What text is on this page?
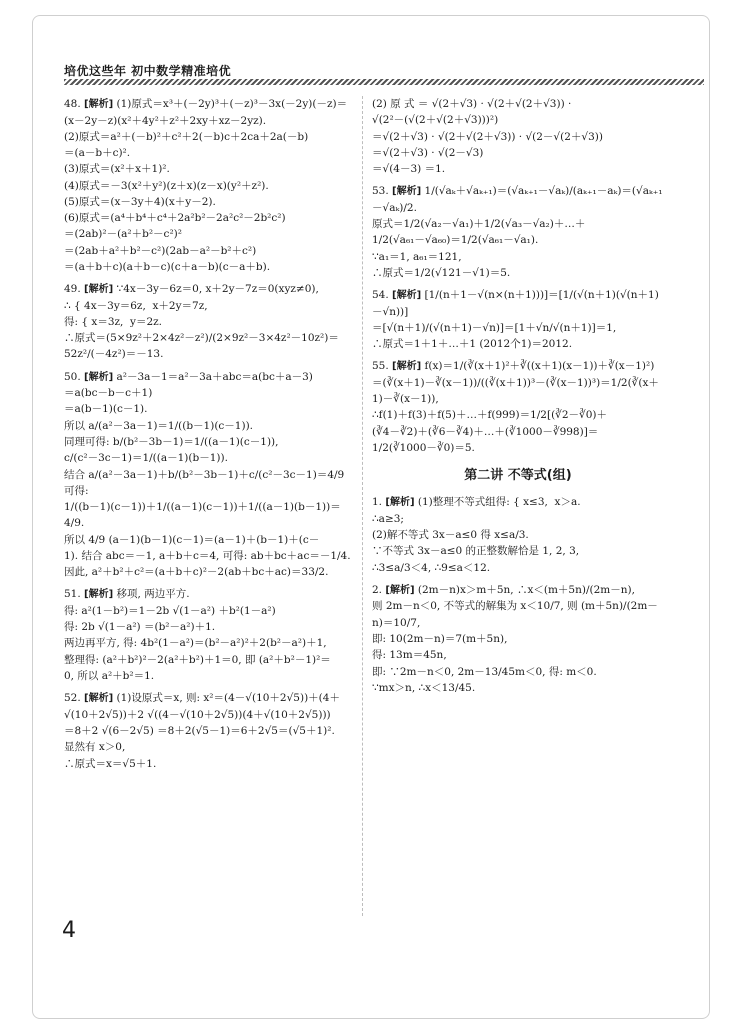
培优这些年 初中数学精准培优
48. [解析] (1)原式＝x³＋(－2y)³＋(－z)³－3x(－2y)(－z)＝
(x－2y－z)(x²＋4y²＋z²＋2xy＋xz－2yz).
(2)原式＝a²＋(－b)²＋c²＋2(－b)c＋2ca＋2a(－b)
＝(a－b＋c)².
(3)原式＝(x²＋x＋1)².
(4)原式＝－3(x²＋y²)(z＋x)(z－x)(y²＋z²).
(5)原式＝(x－3y＋4)(x＋y－2).
(6)原式＝(a⁴＋b⁴＋c⁴＋2a²b²－2a²c²－2b²c²)
＝(2ab)²－(a²＋b²－c²)²
＝(2ab＋a²＋b²－c²)(2ab－a²－b²＋c²)
＝(a＋b＋c)(a＋b－c)(c＋a－b)(c－a＋b).
49. [解析] ∵4x－3y－6z＝0, x＋2y－7z＝0(xyz≠0),
∴ { 4x－3y＝6z,  x＋2y＝7z,
得: { x＝3z,  y＝2z.
∴原式＝(5×9z²＋2×4z²－z²)/(2×9z²－3×4z²－10z²)＝52z²/(－4z²)＝－13.
50. [解析] a²－3a－1＝a²－3a＋abc＝a(bc＋a－3)
＝a(bc－b－c＋1)
＝a(b－1)(c－1).
所以 a/(a²－3a－1)＝1/((b－1)(c－1)).
同理可得: b/(b²－3b－1)＝1/((a－1)(c－1)),
c/(c²－3c－1)＝1/((a－1)(b－1)).
结合 a/(a²－3a－1)＋b/(b²－3b－1)＋c/(c²－3c－1)＝4/9 可得:
1/((b－1)(c－1))＋1/((a－1)(c－1))＋1/((a－1)(b－1))＝4/9.
所以 4/9 (a－1)(b－1)(c－1)＝(a－1)＋(b－1)＋(c－
1). 结合 abc＝－1, a＋b＋c＝4, 可得: ab＋bc＋ac＝－1/4.
因此, a²＋b²＋c²＝(a＋b＋c)²－2(ab＋bc＋ac)＝33/2.
51. [解析] 移项, 两边平方.
得: a²(1－b²)＝1－2b √(1－a²) ＋b²(1－a²)
得: 2b √(1－a²) ＝(b²－a²)＋1.
两边再平方, 得: 4b²(1－a²)＝(b²－a²)²＋2(b²－a²)＋1,
整理得: (a²＋b²)²－2(a²＋b²)＋1＝0, 即 (a²＋b²－1)²＝
0, 所以 a²＋b²＝1.
52. [解析] (1)设原式＝x, 则: x²＝(4－√(10＋2√5))＋(4＋
√(10＋2√5))＋2 √((4－√(10＋2√5))(4＋√(10＋2√5)))
＝8＋2 √(6－2√5) ＝8＋2(√5－1)＝6＋2√5＝(√5＋1)².
显然有 x＞0,
∴原式＝x＝√5＋1.
(2) 原 式 ＝ √(2＋√3) · √(2＋√(2＋√3)) ·
√(2²－(√(2＋√(2＋√3)))²)
＝√(2＋√3) · √(2＋√(2＋√3)) · √(2－√(2＋√3))
＝√(2＋√3) · √(2－√3)
＝√(4－3) ＝1.
53. [解析] 1/(√aₖ＋√aₖ₊₁)＝(√aₖ₊₁－√aₖ)/(aₖ₊₁－aₖ)＝(√aₖ₊₁－√aₖ)/2.
原式＝1/2(√a₂－√a₁)＋1/2(√a₃－√a₂)＋…＋
1/2(√a₆₁－√a₆₀)＝1/2(√a₆₁－√a₁).
∵a₁＝1, a₆₁＝121,
∴原式＝1/2(√121－√1)＝5.
54. [解析] [1/(n＋1－√(n×(n＋1)))]＝[1/(√(n＋1)(√(n＋1)－√n))]
＝[√(n＋1)/(√(n＋1)－√n)]＝[1＋√n/√(n＋1)]＝1,
∴原式＝1＋1＋…＋1 (2012个1)＝2012.
55. [解析] f(x)＝1/(∛(x＋1)²＋∛((x＋1)(x－1))＋∛(x－1)²)
＝(∛(x＋1)－∛(x－1))/((∛(x＋1))³－(∛(x－1))³)＝1/2(∛(x＋1)－∛(x－1)),
∴f(1)＋f(3)＋f(5)＋…＋f(999)＝1/2[(∛2－∛0)＋
(∛4－∛2)＋(∛6－∛4)＋…＋(∛1000－∛998)]＝
1/2(∛1000－∛0)＝5.
第二讲 不等式(组)
1. [解析] (1)整理不等式组得: { x≤3,  x＞a.
∴a≥3;
(2)解不等式 3x－a≤0 得 x≤a/3.
∵不等式 3x－a≤0 的正整数解恰是 1, 2, 3,
∴3≤a/3＜4, ∴9≤a＜12.
2. [解析] (2m－n)x＞m＋5n, ∴x＜(m＋5n)/(2m－n),
则 2m－n＜0, 不等式的解集为 x＜10/7, 则 (m＋5n)/(2m－n)＝10/7,
即: 10(2m－n)＝7(m＋5n),
得: 13m＝45n,
即: ∵2m－n＜0, 2m－13/45m＜0, 得: m＜0.
∵mx＞n, ∴x＜13/45.
4
